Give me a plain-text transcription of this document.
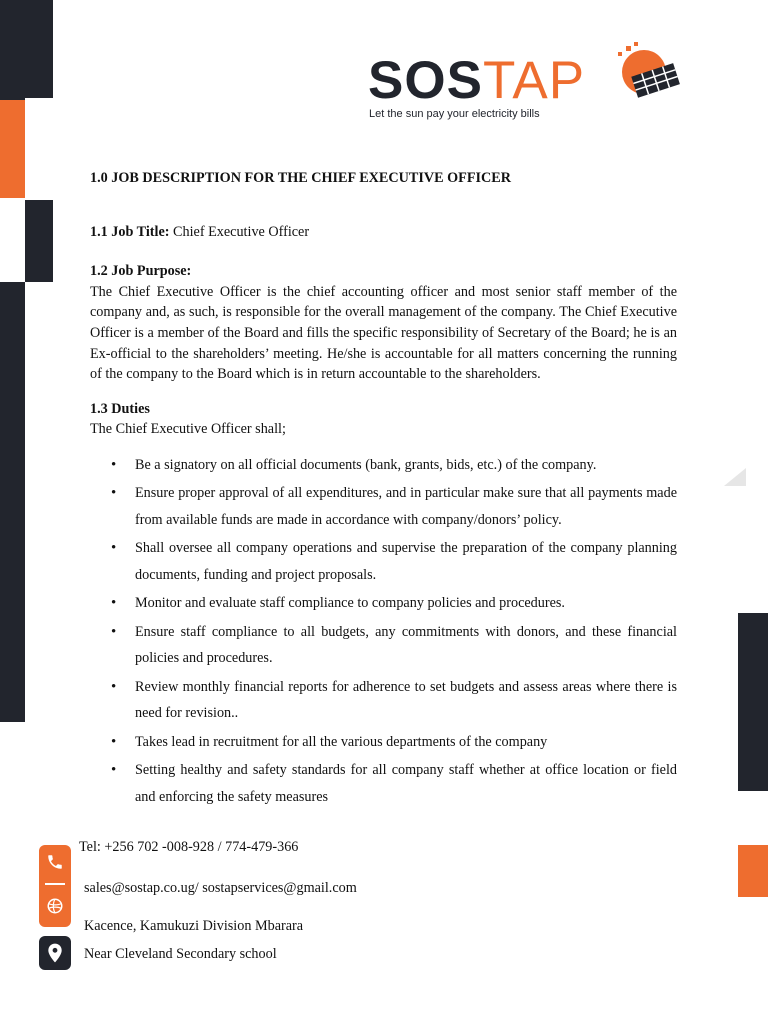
SOSTAP
Let the sun pay your electricity bills

1.0 JOB DESCRIPTION FOR THE CHIEF EXECUTIVE OFFICER

1.1 Job Title: Chief Executive Officer

1.2 Job Purpose:

The Chief Executive Officer is the chief accounting officer and most senior staff member of the company and, as such, is responsible for the overall management of the company. The Chief Executive Officer is a member of the Board and fills the specific responsibility of Secretary of the Board; he is an Ex-official to the shareholders’ meeting. He/she is accountable for all matters concerning the running of the company to the Board which is in return accountable to the shareholders.

1.3 Duties

The Chief Executive Officer shall;

• Be a signatory on all official documents (bank, grants, bids, etc.) of the company.
• Ensure proper approval of all expenditures, and in particular make sure that all payments made from available funds are made in accordance with company/donors’ policy.
• Shall oversee all company operations and supervise the preparation of the company planning documents, funding and project proposals.
• Monitor and evaluate staff compliance to company policies and procedures.
• Ensure staff compliance to all budgets, any commitments with donors, and these financial policies and procedures.
• Review monthly financial reports for adherence to set budgets and assess areas where there is need for revision..
• Takes lead in recruitment for all the various departments of the company
• Setting healthy and safety standards for all company staff whether at office location or field and enforcing the safety measures
Tel: +256 702 -008-928 / 774-479-366
sales@sostap.co.ug/ sostapservices@gmail.com
Kacence, Kamukuzi Division Mbarara
Near Cleveland Secondary school
